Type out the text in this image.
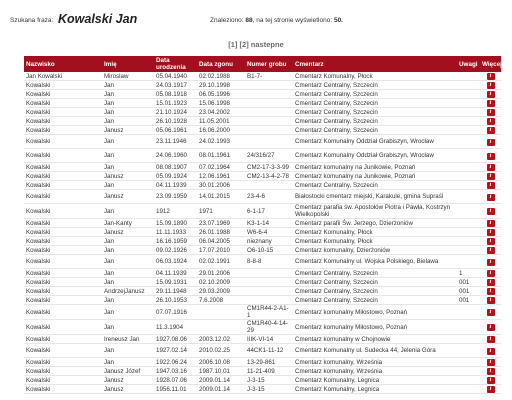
Szukana fraza: Kowalski Jan	Znaleziono: 88, na tej stronie wyświetlono: 50.
[1] [2] nastepne
Nazwisko	Imię	Data urodzenia	Data zgonu	Numer grobu	Cmentarz	Uwagi	Więcej
Jan Kowalski	Miroslaw	05.04.1940	02.02.1988	B1-7-	Cmentarz Komunalny, Płock		i
Kowalski	Jan	24.03.1917	29.10.1998		Cmentarz Centralny, Szczecin		i
Kowalski	Jan	05.08.1918	06.05.1996		Cmentarz Centralny, Szczecin		i
Kowalski	Jan	15.01.1923	15.06.1998		Cmentarz Centralny, Szczecin		i
Kowalski	Jan	21.10.1924	23.04.2002		Cmentarz Centralny, Szczecin		i
Kowalski	Jan	26.10.1928	11.05.2001		Cmentarz Centralny, Szczecin		i
Kowalski	Janusz	05.06.1961	16.06.2000		Cmentarz Centralny, Szczecin		i
Kowalski	Jan	23.11.1946	24.02.1993		Cmentarz Komunalny Oddział Grabiszyn, Wrocław		i
Kowalski	Jan	24.06.1960	08.01.1961	24/316/27	Cmentarz Komunalny Oddział Grabiszyn, Wrocław		i
Kowalski	Jan	08.08.1907	07.02.1964	CM2-17-3-3-99	Cmentarz komunalny na Junikowie, Poznań		i
Kowalski	Janusz	05.09.1924	12.06.1961	CM2-13-4-2-78	Cmentarz komunalny na Junikowie, Poznań		i
Kowalski	Jan	04.11.1939	30.01.2006		Cmentarz Centralny, Szczecin		i
Kowalski	Janusz	23.09.1959	14.01.2015	23-4-6	Białostocki cmentarz miejski, Karakule, gmina Supraśl		i
Kowalski	Jan	1912	1971	6-1-17	Cmentarz parafia św. Apostołów Piotra i Pawła, Kostrzyn Wielkopolski		i
Kowalski	Jan-Kanty	15.09.1890	23.07.1969	K3-1-14	Cmentarz parafii Św. Jerzego, Dzierzoniów		i
Kowalski	Janusz	11.11.1933	26.01.1988	W6-6-4	Cmentarz Komunalny, Płock		i
Kowalski	Jan	16.16.1959	06.04.2005	nieznany	Cmentarz Komunalny, Płock		i
Kowalski	Jan	09.02.1926	17.07.2010	O6-10-15	Cmentarz komunalny, Dzierżoniów		i
Kowalski	Jan	06.03.1924	02.02.1991	8-8-8	Cmentarz Komunalny ul. Wojska Polskiego, Bielawa		i
Kowalski	Jan	04.11.1939	29.01.2006		Cmentarz Centralny, Szczecin	1	i
Kowalski	Jan	15.09.1931	02.10.2009		Cmentarz Centralny, Szczecin	001	i
Kowalski	AndrzejJanusz	29.11.1948	29.03.2009		Cmentarz Centralny, Szczecin	001	i
Kowalski	Jan	26.10.1953	7.6.2008		Cmentarz Centralny, Szczecin	001	i
Kowalski	Jan	07.07.1916		CM1R44-2-A1-1	Cmentarz komunalny Miłostowo, Poznań		i
Kowalski	Jan	11.3.1904		CM1R40-4-14-29	Cmentarz komunalny Miłostowo, Poznań		i
Kowalski	Ireneusz Jan	1927.08.06	2003.12.02	IIIK-VI-14	Cmentarz komunalny w Chojnowie		i
Kowalski	Jan	1927.02.14	2010.02.25	44CK1-11-12	Cmentarz Komunalny ul. Sudecka 44, Jelenia Góra		i
Kowalski	Jan	1922.06.24	2006.10.08	13-29-861	Cmentarz komunalny, Września		i
Kowalski	Janusz Józef	1947.03.16	1987.10.01	11-21-409	Cmentarz komunalny, Września		i
Kowalski	Janusz	1928.07.06	2009.01.14	J-3-15	Cmentarz Komunalny, Legnica		i
Kowalski	Janusz	1956.11.01	2009.01.14	J-3-15	Cmentarz Komunalny, Legnica		i
